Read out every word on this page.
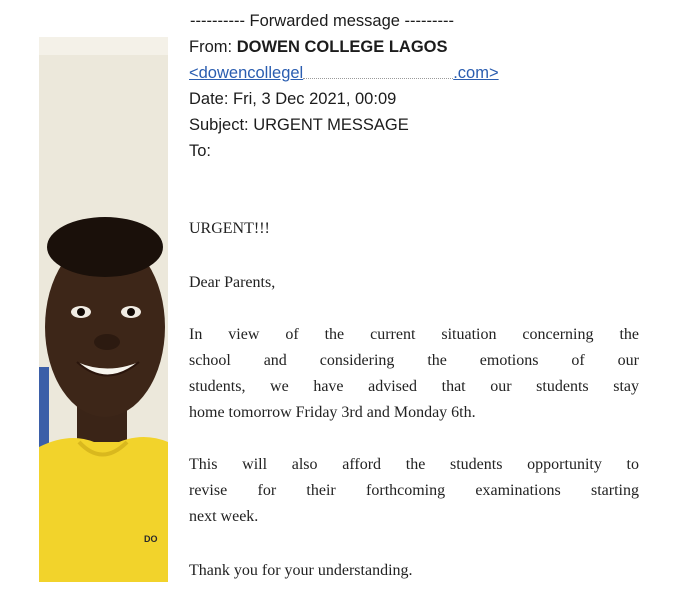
DO
---------- Forwarded message ---------
From: DOWEN COLLEGE LAGOS
<dowencollegel	.com>
Date: Fri, 3 Dec 2021, 00:09
Subject: URGENT MESSAGE
To:

URGENT!!!

Dear Parents,

In view of the current situation concerning the
school and considering the emotions of our
students, we have advised that our students stay
home tomorrow Friday 3rd and Monday 6th.
This will also afford the students opportunity to
revise for their forthcoming examinations starting
next week.

Thank you for your understanding.
